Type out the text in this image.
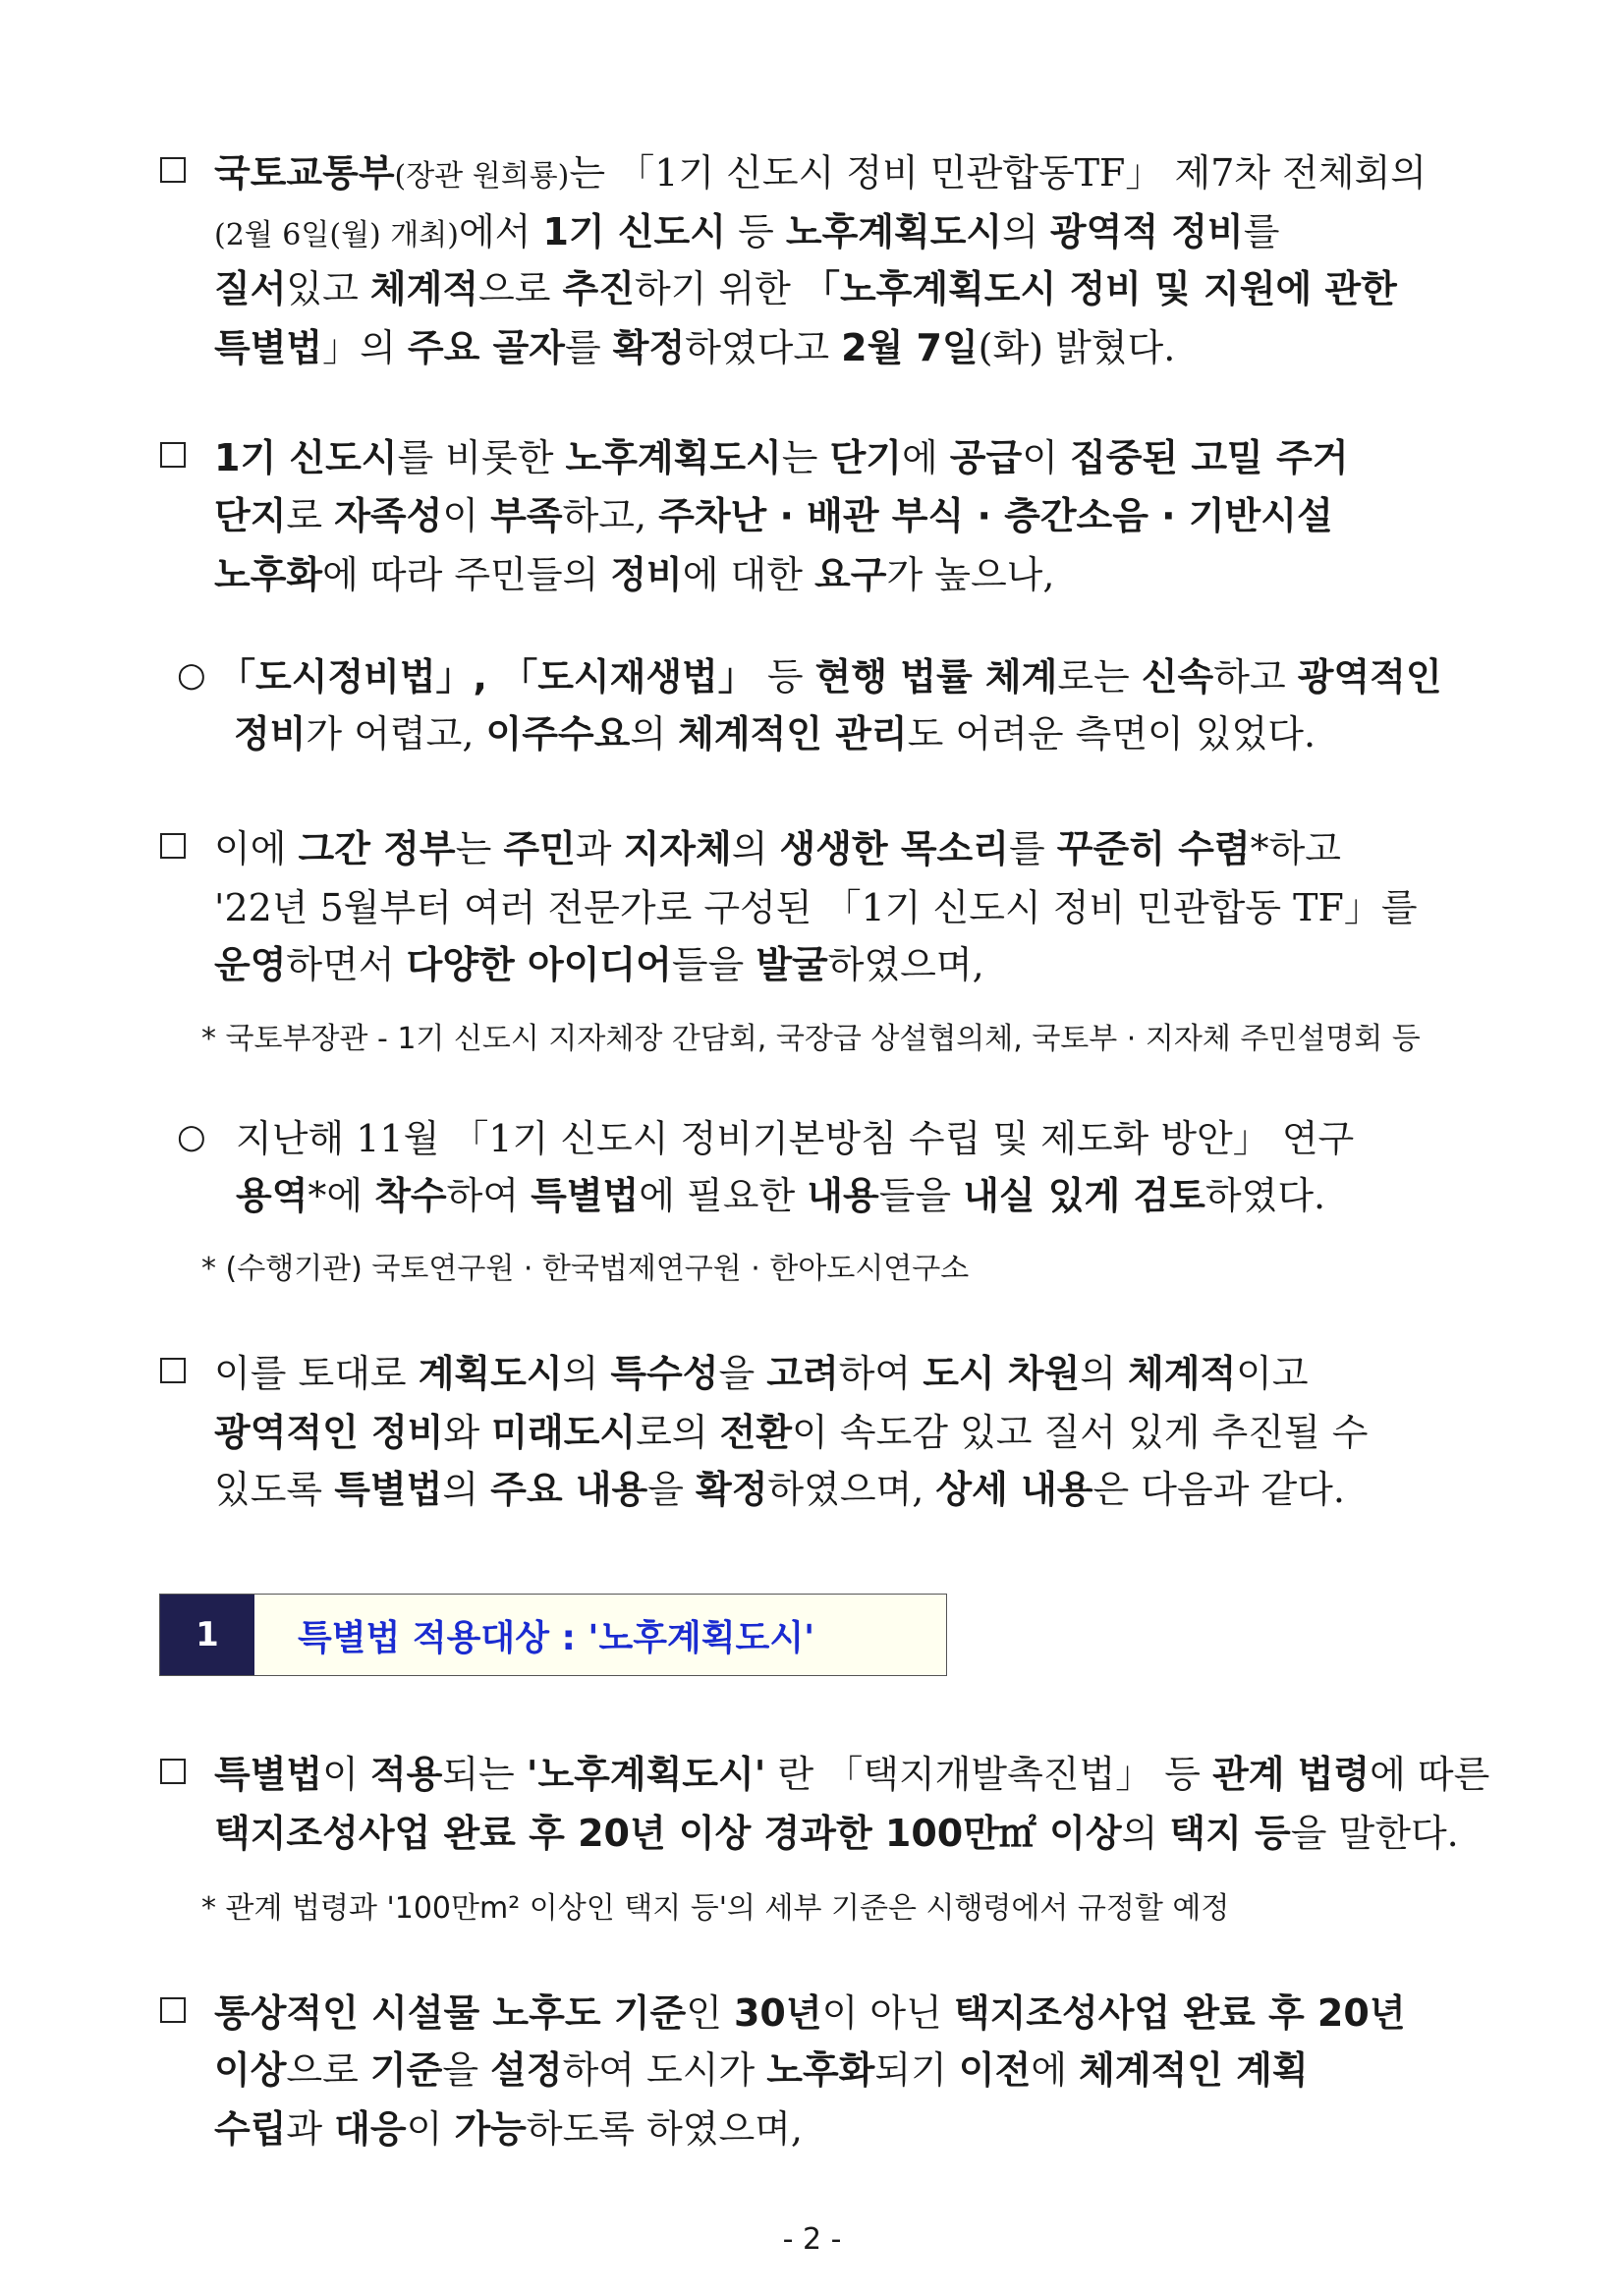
국토교통부(장관 원희룡)는 「1기 신도시 정비 민관합동TF」 제7차 전체회의
(2월 6일(월) 개최)에서 1기 신도시 등 노후계획도시의 광역적 정비를
질서있고 체계적으로 추진하기 위한 「노후계획도시 정비 및 지원에 관한
특별법」의 주요 골자를 확정하였다고 2월 7일(화) 밝혔다.
1기 신도시를 비롯한 노후계획도시는 단기에 공급이 집중된 고밀 주거
단지로 자족성이 부족하고, 주차난 · 배관 부식 · 층간소음 · 기반시설
노후화에 따라 주민들의 정비에 대한 요구가 높으나,
○ 「도시정비법」, 「도시재생법」 등 현행 법률 체계로는 신속하고 광역적인
정비가 어렵고, 이주수요의 체계적인 관리도 어려운 측면이 있었다.
이에 그간 정부는 주민과 지자체의 생생한 목소리를 꾸준히 수렴*하고
'22년 5월부터 여러 전문가로 구성된 「1기 신도시 정비 민관합동 TF」를
운영하면서 다양한 아이디어들을 발굴하였으며,
* 국토부장관 - 1기 신도시 지자체장 간담회, 국장급 상설협의체, 국토부 · 지자체 주민설명회 등
○ 지난해 11월 「1기 신도시 정비기본방침 수립 및 제도화 방안」 연구
용역*에 착수하여 특별법에 필요한 내용들을 내실 있게 검토하였다.
* (수행기관) 국토연구원 · 한국법제연구원 · 한아도시연구소
이를 토대로 계획도시의 특수성을 고려하여 도시 차원의 체계적이고
광역적인 정비와 미래도시로의 전환이 속도감 있고 질서 있게 추진될 수
있도록 특별법의 주요 내용을 확정하였으며, 상세 내용은 다음과 같다.
1	특별법 적용대상 : '노후계획도시'
특별법이 적용되는 '노후계획도시' 란 「택지개발촉진법」 등 관계 법령에 따른
택지조성사업 완료 후 20년 이상 경과한 100만㎡ 이상의 택지 등을 말한다.
* 관계 법령과 '100만m² 이상인 택지 등'의 세부 기준은 시행령에서 규정할 예정
통상적인 시설물 노후도 기준인 30년이 아닌 택지조성사업 완료 후 20년
이상으로 기준을 설정하여 도시가 노후화되기 이전에 체계적인 계획
수립과 대응이 가능하도록 하였으며,
- 2 -
